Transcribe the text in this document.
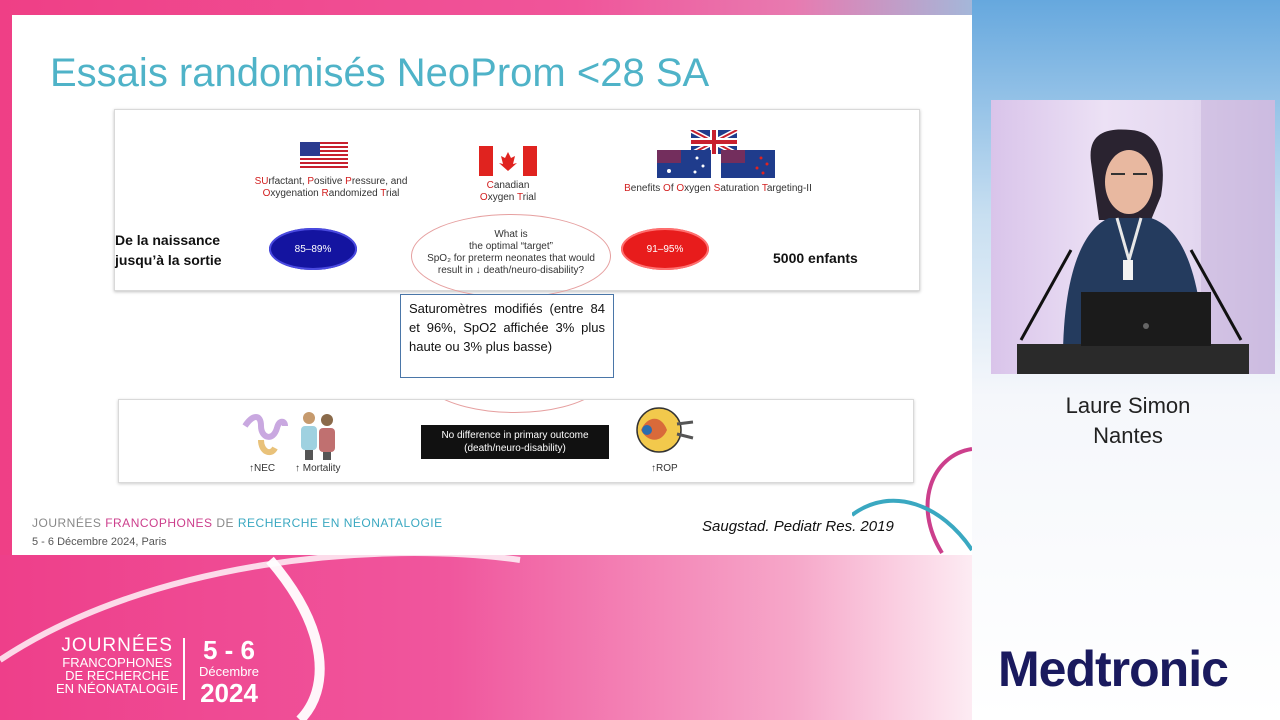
Essais randomisés NeoProm <28 SA
SUrfactant, Positive Pressure, and
Oxygenation Randomized Trial
Canadian
Oxygen Trial
Benefits Of Oxygen Saturation Targeting-II
De la naissance
jusqu’à la sortie
85–89%
What is
the optimal “target”
SpO₂ for preterm neonates that would
result in ↓ death/neuro-disability?
91–95%
5000 enfants
Saturomètres modifiés (entre 84 et 96%, SpO2 affichée 3% plus haute ou 3% plus basse)
↑NEC ↑ Mortality
No difference in primary outcome
(death/neuro-disability)
↑ROP
JOURNÉES FRANCOPHONES DE RECHERCHE EN NÉONATALOGIE
5 - 6 Décembre 2024, Paris
Saugstad. Pediatr Res. 2019
Laure Simon
Nantes
JOURNÉES
FRANCOPHONES
DE RECHERCHE
EN NÉONATALOGIE
5 - 6
Décembre
2024	Medtronic
